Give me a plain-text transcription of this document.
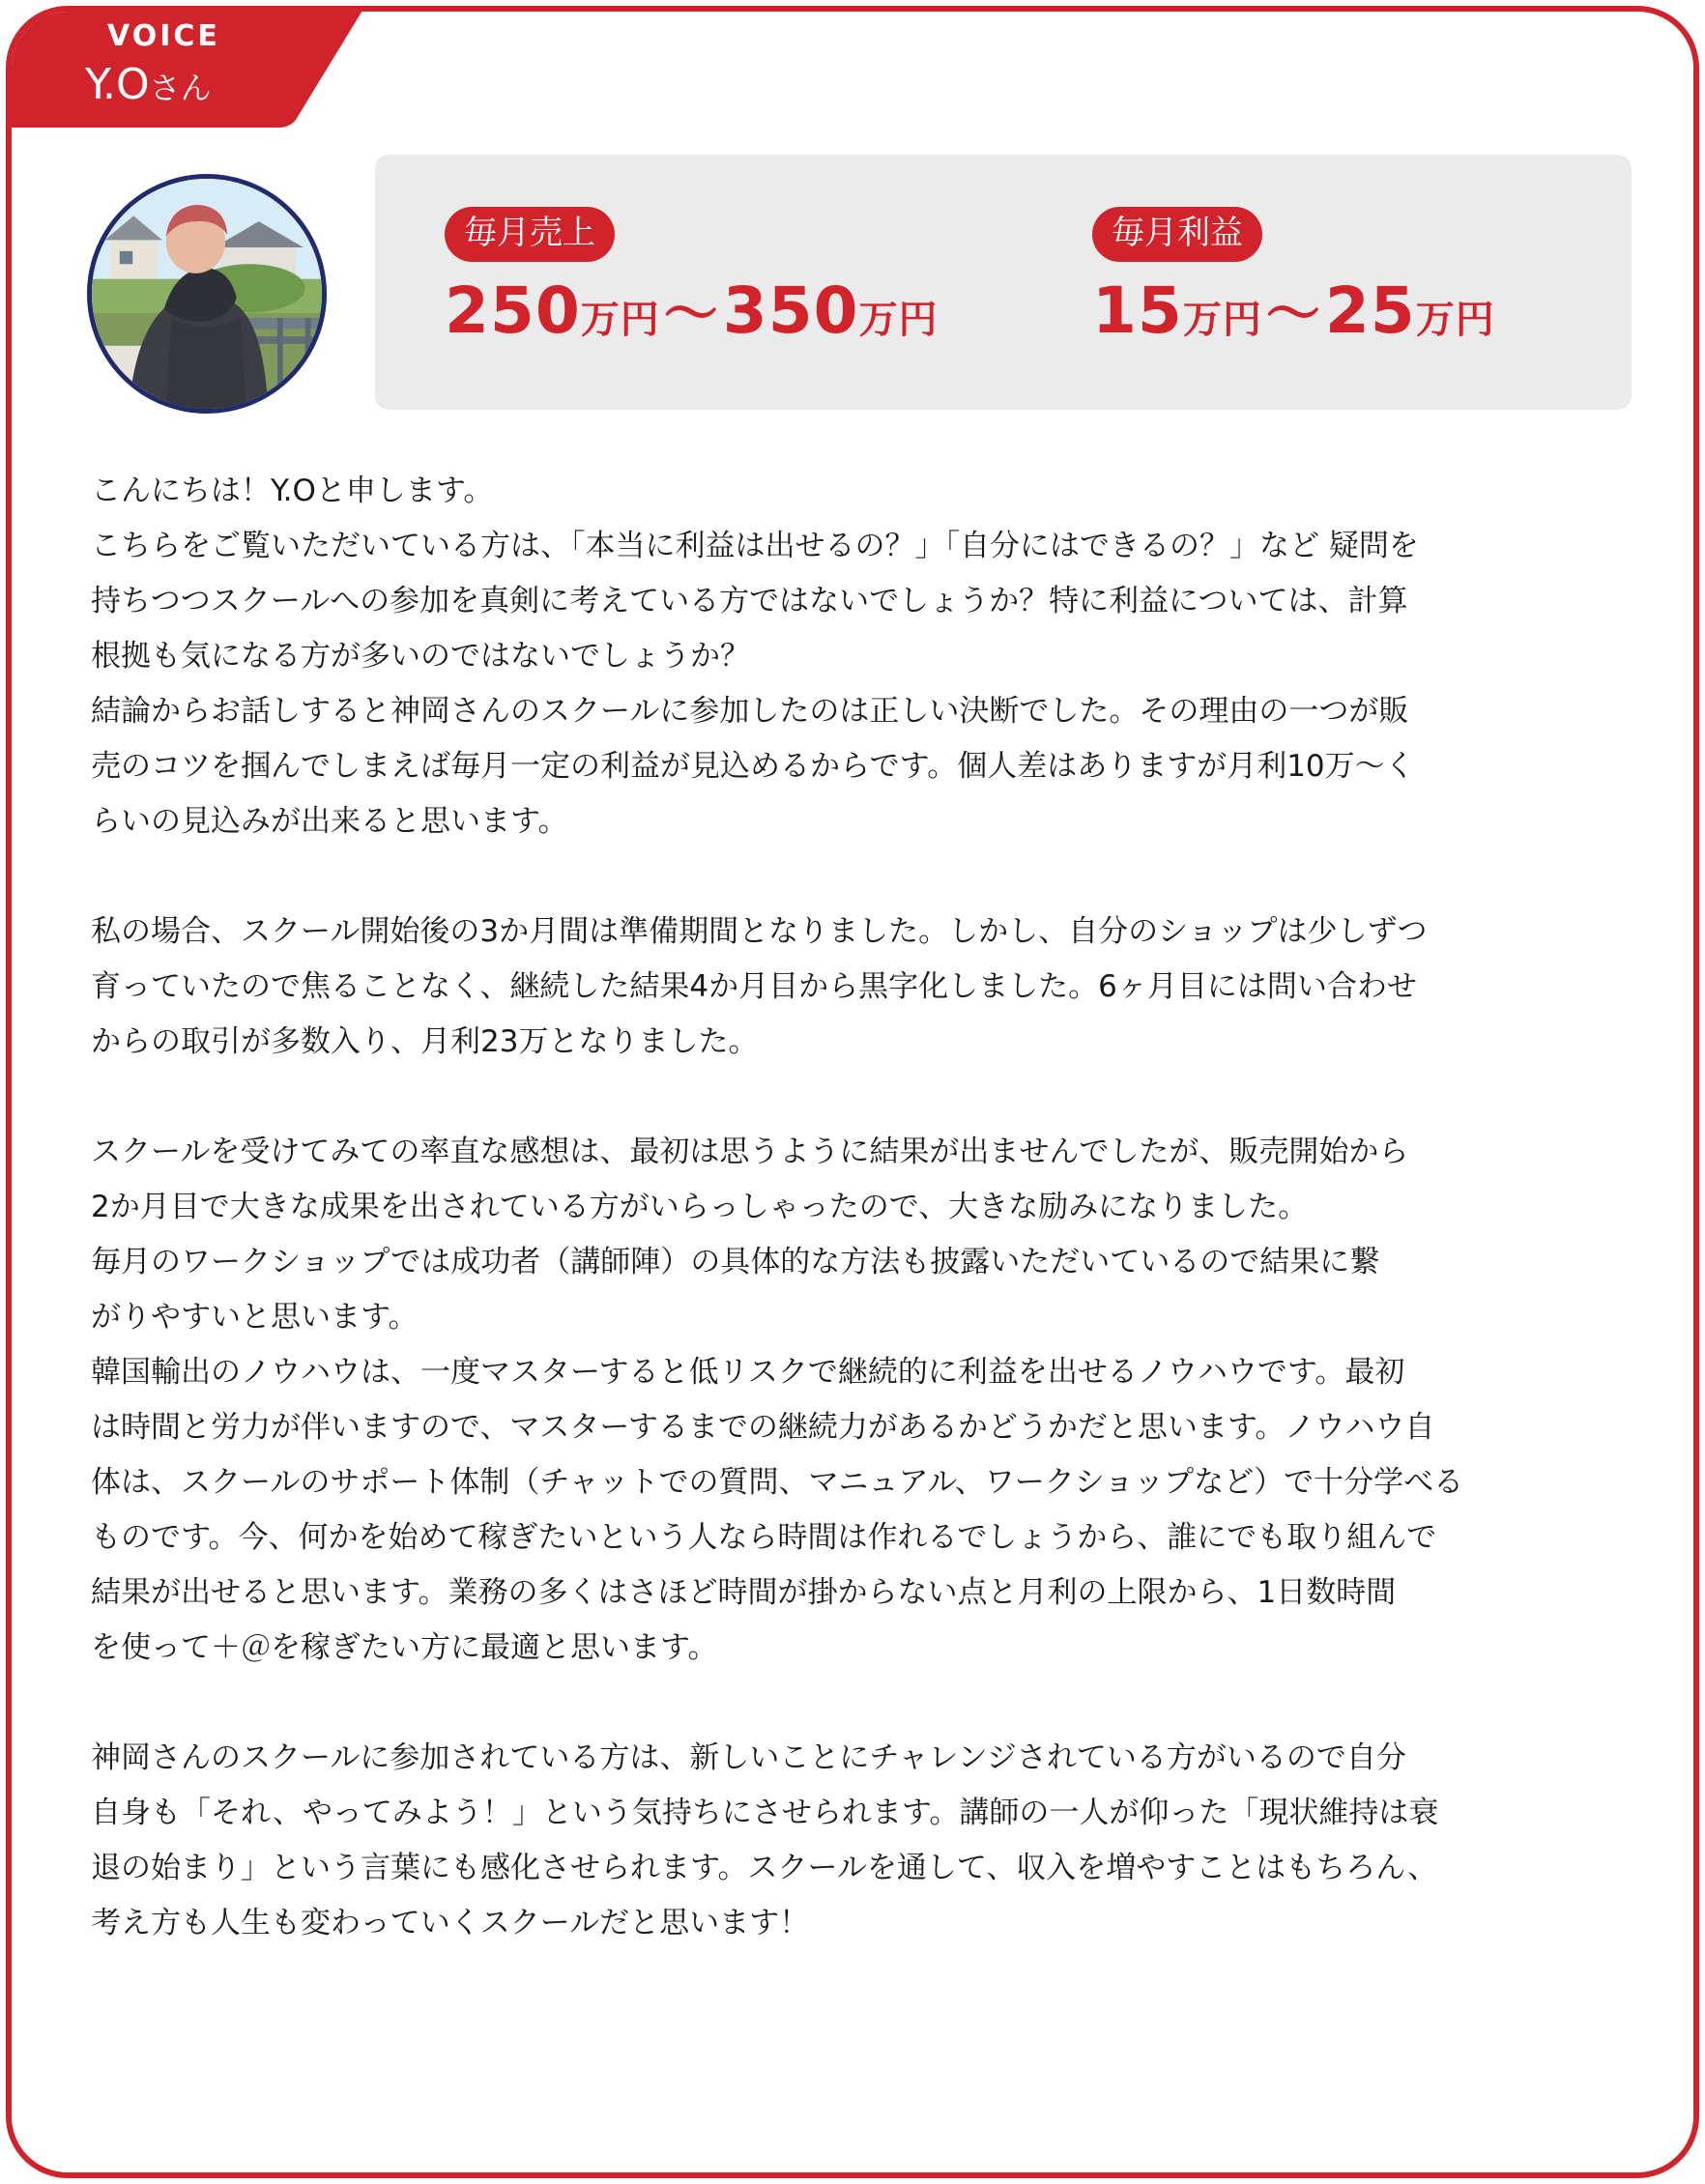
VOICE
Y.Oさん
毎月売上
250万円～350万円
毎月利益
15万円～25万円

こんにちは！Y.Oと申します。
こちらをご覧いただいている方は、「本当に利益は出せるの？」「自分にはできるの？」など 疑問を
持ちつつスクールへの参加を真剣に考えている方ではないでしょうか？特に利益については、計算
根拠も気になる方が多いのではないでしょうか？
結論からお話しすると神岡さんのスクールに参加したのは正しい決断でした。その理由の一つが販
売のコツを掴んでしまえば毎月一定の利益が見込めるからです。個人差はありますが月利10万～く
らいの見込みが出来ると思います。

私の場合、スクール開始後の3か月間は準備期間となりました。しかし、自分のショップは少しずつ
育っていたので焦ることなく、継続した結果4か月目から黒字化しました。6ヶ月目には問い合わせ
からの取引が多数入り、月利23万となりました。

スクールを受けてみての率直な感想は、最初は思うように結果が出ませんでしたが、販売開始から
2か月目で大きな成果を出されている方がいらっしゃったので、大きな励みになりました。
毎月のワークショップでは成功者（講師陣）の具体的な方法も披露いただいているので結果に繋
がりやすいと思います。
韓国輸出のノウハウは、一度マスターすると低リスクで継続的に利益を出せるノウハウです。最初
は時間と労力が伴いますので、マスターするまでの継続力があるかどうかだと思います。ノウハウ自
体は、スクールのサポート体制（チャットでの質問、マニュアル、ワークショップなど）で十分学べる
ものです。今、何かを始めて稼ぎたいという人なら時間は作れるでしょうから、誰にでも取り組んで
結果が出せると思います。業務の多くはさほど時間が掛からない点と月利の上限から、1日数時間
を使って＋＠を稼ぎたい方に最適と思います。

神岡さんのスクールに参加されている方は、新しいことにチャレンジされている方がいるので自分
自身も「それ、やってみよう！」という気持ちにさせられます。講師の一人が仰った「現状維持は衰
退の始まり」という言葉にも感化させられます。スクールを通して、収入を増やすことはもちろん、
考え方も人生も変わっていくスクールだと思います！
